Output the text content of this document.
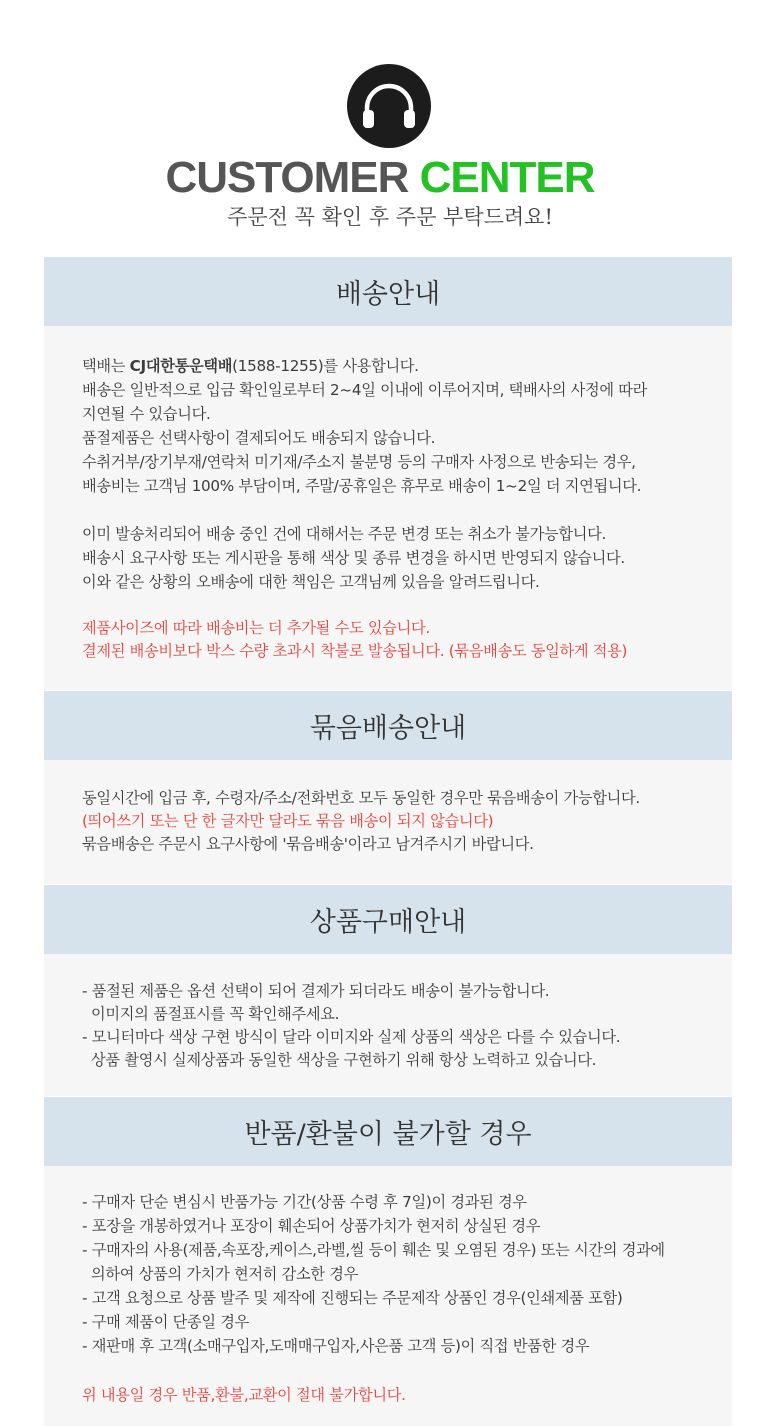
CUSTOMER CENTER
주문전 꼭 확인 후 주문 부탁드려요!
배송안내
택배는 CJ대한통운택배(1588-1255)를 사용합니다.
배송은 일반적으로 입금 확인일로부터 2~4일 이내에 이루어지며, 택배사의 사정에 따라
지연될 수 있습니다.
품절제품은 선택사항이 결제되어도 배송되지 않습니다.
수취거부/장기부재/연락처 미기재/주소지 불분명 등의 구매자 사정으로 반송되는 경우,
배송비는 고객님 100% 부담이며, 주말/공휴일은 휴무로 배송이 1~2일 더 지연됩니다.
이미 발송처리되어 배송 중인 건에 대해서는 주문 변경 또는 취소가 불가능합니다.
배송시 요구사항 또는 게시판을 통해 색상 및 종류 변경을 하시면 반영되지 않습니다.
이와 같은 상황의 오배송에 대한 책임은 고객님께 있음을 알려드립니다.
제품사이즈에 따라 배송비는 더 추가될 수도 있습니다.
결제된 배송비보다 박스 수량 초과시 착불로 발송됩니다. (묶음배송도 동일하게 적용)
묶음배송안내
동일시간에 입금 후, 수령자/주소/전화번호 모두 동일한 경우만 묶음배송이 가능합니다.
(띄어쓰기 또는 단 한 글자만 달라도 묶음 배송이 되지 않습니다)
묶음배송은 주문시 요구사항에 '묶음배송'이라고 남겨주시기 바랍니다.
상품구매안내
- 품절된 제품은 옵션 선택이 되어 결제가 되더라도 배송이 불가능합니다.
이미지의 품절표시를 꼭 확인해주세요.
- 모니터마다 색상 구현 방식이 달라 이미지와 실제 상품의 색상은 다를 수 있습니다.
상품 촬영시 실제상품과 동일한 색상을 구현하기 위해 항상 노력하고 있습니다.
반품/환불이 불가할 경우
- 구매자 단순 변심시 반품가능 기간(상품 수령 후 7일)이 경과된 경우
- 포장을 개봉하였거나 포장이 훼손되어 상품가치가 현저히 상실된 경우
- 구매자의 사용(제품,속포장,케이스,라벨,씰 등이 훼손 및 오염된 경우) 또는 시간의 경과에
의하여 상품의 가치가 현저히 감소한 경우
- 고객 요청으로 상품 발주 및 제작에 진행되는 주문제작 상품인 경우(인쇄제품 포함)
- 구매 제품이 단종일 경우
- 재판매 후 고객(소매구입자,도매매구입자,사은품 고객 등)이 직접 반품한 경우
위 내용일 경우 반품,환불,교환이 절대 불가합니다.
